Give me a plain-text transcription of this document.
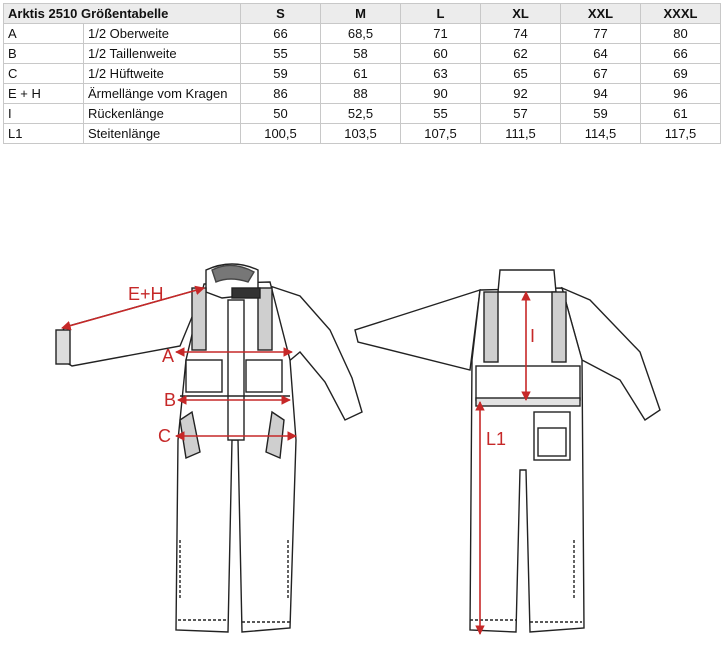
Arktis 2510 Größentabelle		S	M	L	XL	XXL	XXXL
A	1/2 Oberweite	66	68,5	71	74	77	80
B	1/2 Taillenweite	55	58	60	62	64	66
C	1/2 Hüftweite	59	61	63	65	67	69
E + H	Ärmellänge vom Kragen	86	88	90	92	94	96
I	Rückenlänge	50	52,5	55	57	59	61
L1	Steitenlänge	100,5	103,5	107,5	111,5	114,5	117,5
E+H
A
B
C
I
L1
